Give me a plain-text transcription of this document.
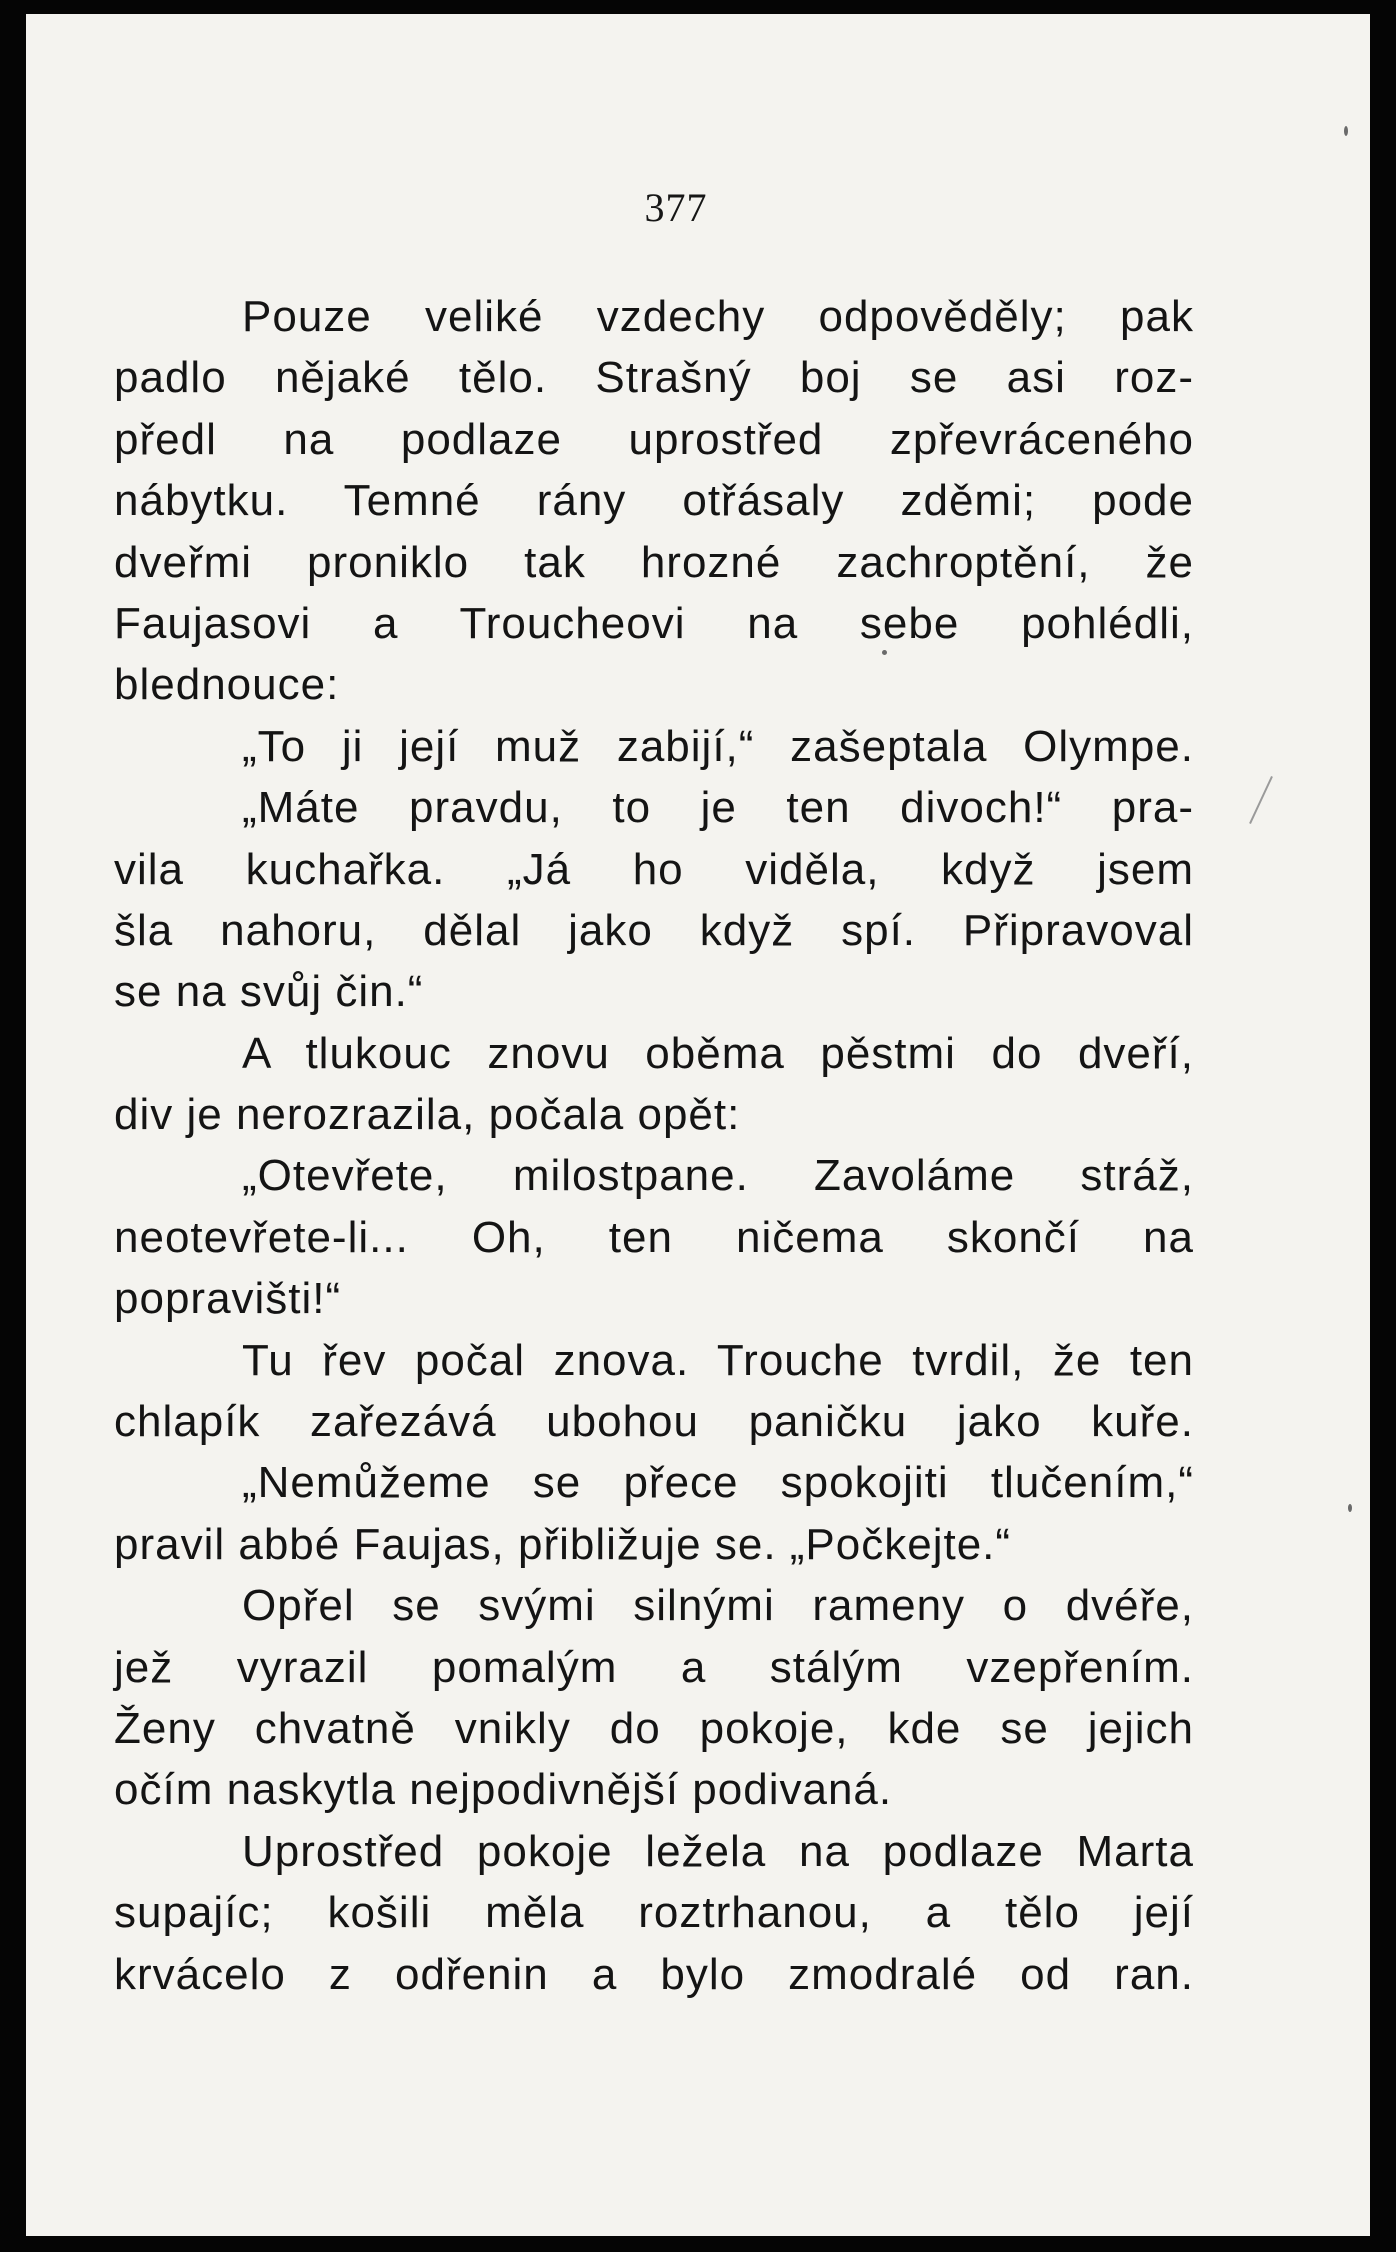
377
Pouze veliké vzdechy odpověděly; pak
padlo nějaké tělo. Strašný boj se asi roz-
předl na podlaze uprostřed zpřevráceného
nábytku. Temné rány otřásaly zděmi; pode
dveřmi proniklo tak hrozné zachroptění, že
Faujasovi a Troucheovi na sebe pohlédli,
blednouce:
„To ji její muž zabijí,“ zašeptala Olympe.
„Máte pravdu, to je ten divoch!“ pra-
vila kuchařka. „Já ho viděla, když jsem
šla nahoru, dělal jako když spí. Připravoval
se na svůj čin.“
A tlukouc znovu oběma pěstmi do dveří,
div je nerozrazila, počala opět:
„Otevřete, milostpane. Zavoláme stráž,
neotevřete-li... Oh, ten ničema skončí na
popravišti!“
Tu řev počal znova. Trouche tvrdil, že ten
chlapík zařezává ubohou paničku jako kuře.
„Nemůžeme se přece spokojiti tlučením,“
pravil abbé Faujas, přibližuje se. „Počkejte.“
Opřel se svými silnými rameny o dvéře,
jež vyrazil pomalým a stálým vzepřením.
Ženy chvatně vnikly do pokoje, kde se jejich
očím naskytla nejpodivnější podivaná.
Uprostřed pokoje ležela na podlaze Marta
supajíc; košili měla roztrhanou, a tělo její
krvácelo z odřenin a bylo zmodralé od ran.
